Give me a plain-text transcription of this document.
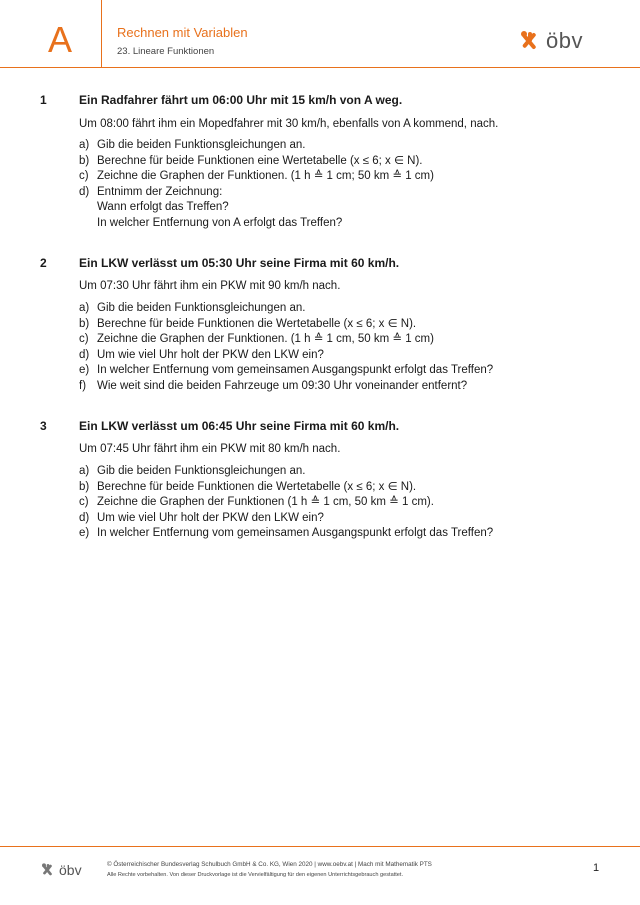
A	Rechnen mit Variablen
23. Lineare Funktionen	öbv
1	Ein Radfahrer fährt um 06:00 Uhr mit 15 km/h von A weg.
Um 08:00 fährt ihm ein Mopedfahrer mit 30 km/h, ebenfalls von A kommend, nach.
a) Gib die beiden Funktionsgleichungen an.
b) Berechne für beide Funktionen eine Wertetabelle (x ≤ 6; x ∈ N).
c) Zeichne die Graphen der Funktionen. (1 h ≙ 1 cm; 50 km ≙ 1 cm)
d) Entnimm der Zeichnung:
Wann erfolgt das Treffen?
In welcher Entfernung von A erfolgt das Treffen?
2	Ein LKW verlässt um 05:30 Uhr seine Firma mit 60 km/h.
Um 07:30 Uhr fährt ihm ein PKW mit 90 km/h nach.
a) Gib die beiden Funktionsgleichungen an.
b) Berechne für beide Funktionen die Wertetabelle (x ≤ 6; x ∈ N).
c) Zeichne die Graphen der Funktionen. (1 h ≙ 1 cm, 50 km ≙ 1 cm)
d) Um wie viel Uhr holt der PKW den LKW ein?
e) In welcher Entfernung vom gemeinsamen Ausgangspunkt erfolgt das Treffen?
f) Wie weit sind die beiden Fahrzeuge um 09:30 Uhr voneinander entfernt?
3	Ein LKW verlässt um 06:45 Uhr seine Firma mit 60 km/h.
Um 07:45 Uhr fährt ihm ein PKW mit 80 km/h nach.
a) Gib die beiden Funktionsgleichungen an.
b) Berechne für beide Funktionen die Wertetabelle (x ≤ 6; x ∈ N).
c) Zeichne die Graphen der Funktionen (1 h ≙ 1 cm, 50 km ≙ 1 cm).
d) Um wie viel Uhr holt der PKW den LKW ein?
e) In welcher Entfernung vom gemeinsamen Ausgangspunkt erfolgt das Treffen?
öbv	© Österreichischer Bundesverlag Schulbuch GmbH & Co. KG, Wien 2020 | www.oebv.at | Mach mit Mathematik PTS
Alle Rechte vorbehalten. Von dieser Druckvorlage ist die Vervielfältigung für den eigenen Unterrichtsgebrauch gestattet.
1
